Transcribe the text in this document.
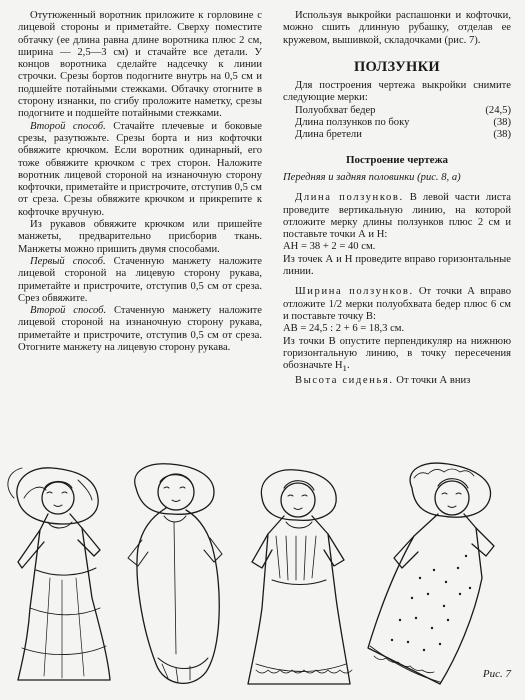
Отутюженный воротник приложите к горловине с лицевой стороны и приметайте. Сверху поместите обтачку (ее длина равна длине воротника плюс 2 см, ширина — 2,5—3 см) и стачайте все детали. У концов воротника сделайте надсечку к линии строчки. Срезы бортов подогните внутрь на 0,5 см и подшейте потайными стежками. Обтачку отогните в сторону изнанки, по сгибу проложите наметку, срезы подогните и подшейте потайными стежками.

Второй способ. Стачайте плечевые и боковые срезы, разутюжьте. Срезы борта и низ кофточки обвяжите крючком. Если воротник одинарный, его тоже обвяжите крючком с трех сторон. Наложите воротник лицевой стороной на изнаночную сторону кофточки, приметайте и пристрочите, отступив 0,5 см от среза. Срезы обвяжите крючком и прикрепите к кофточке вручную.

Из рукавов обвяжите крючком или пришейте манжеты, предварительно присборив ткань. Манжеты можно пришить двумя способами.

Первый способ. Стаченную манжету наложите лицевой стороной на лицевую сторону рукава, приметайте и пристрочите, отступив 0,5 см от среза. Срез обвяжите.

Второй способ. Стаченную манжету наложите лицевой стороной на изнаночную сторону рукава, приметайте и пристрочите, отступив 0,5 см от среза. Отогните манжету на лицевую сторону рукава.

Используя выкройки распашонки и кофточки, можно сшить длинную рубашку, отделав ее кружевом, вышивкой, складочками (рис. 7).

ПОЛЗУНКИ

Для построения чертежа выкройки снимите следующие мерки:

Полуобхват бедер	(24,5)
Длина ползунков по боку	(38)
Длина бретели	(38)
Построение чертежа

Передняя и задняя половинки (рис. 8, а)

Длина ползунков. В левой части листа проведите вертикальную линию, на которой отложите мерку длины ползунков плюс 2 см и поставьте точки А и Н:

АН = 38 + 2 = 40 см.

Из точек А и Н проведите вправо горизонтальные линии.

Ширина ползунков. От точки А вправо отложите 1/2 мерки полуобхвата бедер плюс 6 см и поставьте точку В:

АВ = 24,5 : 2 + 6 = 18,3 см.

Из точки В опустите перпендикуляр на нижнюю горизонтальную линию, в точку пересечения обозначьте $Н_1$.

Высота сиденья. От точки А вниз

Рис. 7
